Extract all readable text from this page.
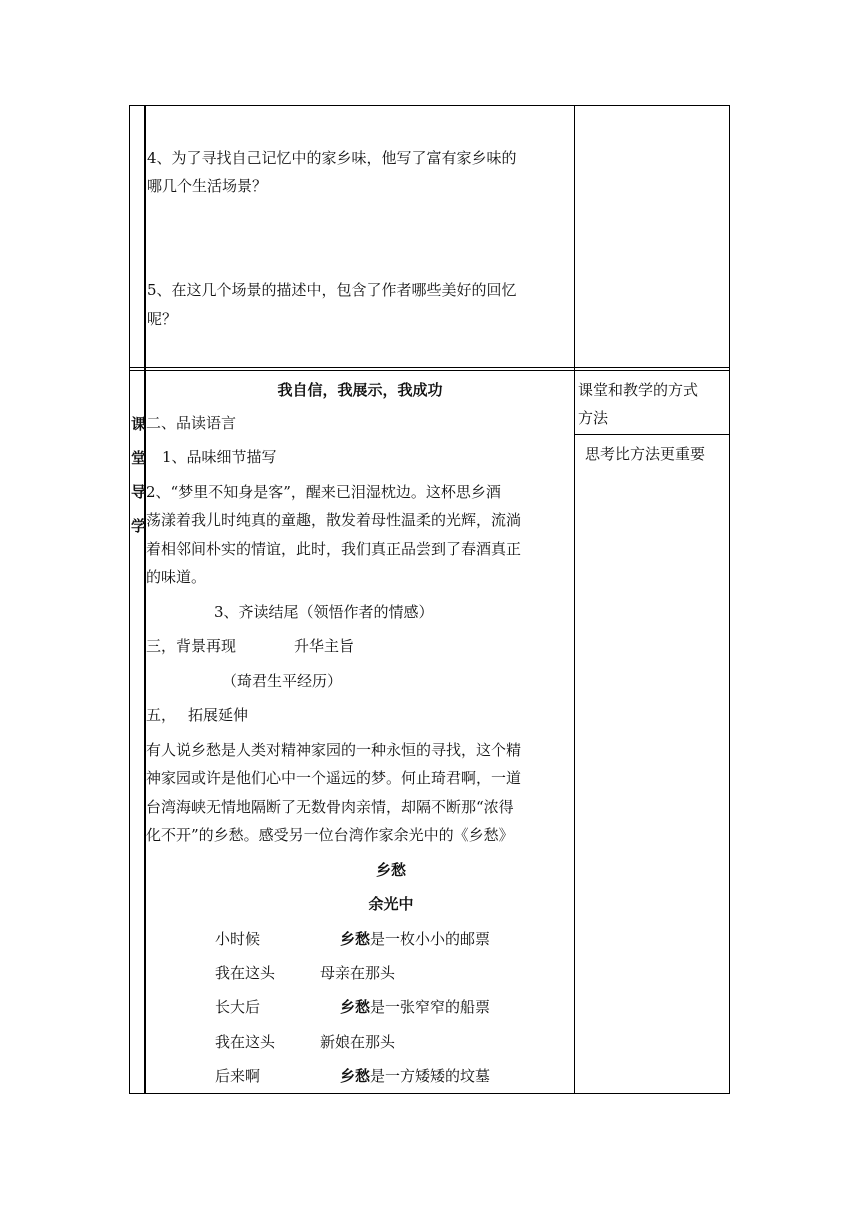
4、为了寻找自己记忆中的家乡味，他写了富有家乡味的
哪几个生活场景？
5、在这几个场景的描述中，包含了作者哪些美好的回忆
呢？
课
堂
导
学
我自信，我展示，我成功
二、品读语言
1、品味细节描写
2、“梦里不知身是客”，醒来已泪湿枕边。这杯思乡酒
荡漾着我儿时纯真的童趣，散发着母性温柔的光辉，流淌
着相邻间朴实的情谊，此时，我们真正品尝到了春酒真正
的味道。
3、齐读结尾（领悟作者的情感）
三，背景再现	升华主旨
（琦君生平经历）
五， 拓展延伸
有人说乡愁是人类对精神家园的一种永恒的寻找，这个精
神家园或许是他们心中一个遥远的梦。何止琦君啊，一道
台湾海峡无情地隔断了无数骨肉亲情，却隔不断那“浓得
化不开”的乡愁。感受另一位台湾作家余光中的《乡愁》
乡愁
余光中
小时候	乡愁是一枚小小的邮票
我在这头	母亲在那头
长大后	乡愁是一张窄窄的船票
我在这头	新娘在那头
后来啊	乡愁是一方矮矮的坟墓
课堂和教学的方式
方法
思考比方法更重要
